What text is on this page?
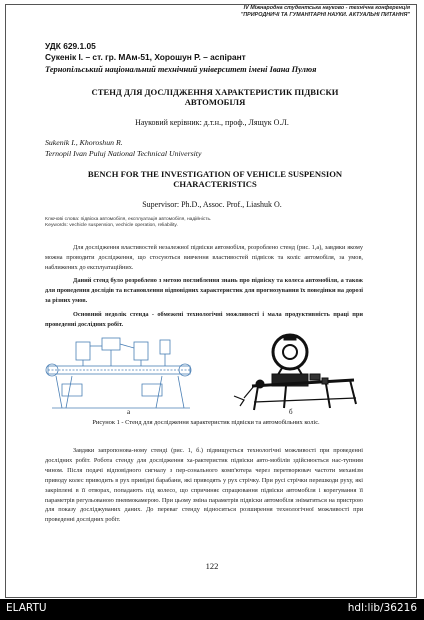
IV Міжнародна студентська науково - технічна конференція
"ПРИРОДНИЧІ ТА ГУМАНІТАРНІ НАУКИ. АКТУАЛЬНІ ПИТАННЯ"
УДК 629.1.05
Сукенік І. – ст. гр. МАм-51, Хорошун Р. – аспірант
Тернопільський національний технічний університет імені Івана Пулюя
СТЕНД ДЛЯ ДОСЛІДЖЕННЯ ХАРАКТЕРИСТИК ПІДВІСКИ
АВТОМОБІЛЯ
Науковий керівник: д.т.н., проф., Лящук О.Л.
Sukenik I., Khoroshun R.
Ternopil Ivan Puluj National Technical University
BENCH FOR THE INVESTIGATION OF VEHICLE SUSPENSION
CHARACTERISTICS
Supervisor: Ph.D., Assoc. Prof., Liashuk O.
Ключові слова: підвіска автомобіля, експлуатація автомобіля, надійність.
Keywords: vechicle suspension, vechicle operation, reliability.
Для дослідження властивостей незалежної підвіски автомобіля, розроблено стенд (рис. 1,а), завдяки якому можна проводити дослідження, що стосуються вивчення властивостей підвісок та коліс автомобіля, за умов, наближених до експлуатаційних.
Даний стенд було розроблено з метою поглиблення знань про підвіску та колеса автомобіля, а також для проведення дослідів та встановлення відповідних характеристик для прогнозування їх поведінки на дорозі за різних умов.
Основний недолік стенда - обмежені технологічні можливості і мала продуктивність праці при проведенні дослідних робіт.
а	б
Рисунок 1 - Стенд для дослідження характеристик підвіски та автомобільних коліс.
Завдяки запропонова-ному стенді (рис. 1, б.) підвищується технологічні можливості при проведенні дослідних робіт. Робота стенду для дослідження ха-рактеристик підвіски авто-мобілів здійснюється нас-тупним чином. Після подачі відповідного сигналу з пер-сонального комп'ютера через перетворювач частоти механізм приводу колес приводить в рух привідні барабани, які приводять у рух стрічку. При русі стрічки перешкоди руху, які закріплені в її отворах, попадають під колесо, що спричиняє спрацювання підвіски автомобіля і корегування її параметрів регульованою пневмокамерою. При цьому зміна параметрів підвіски автомобіля зніматиться на пристрою для показу досліджуваних даних. До переваг стенду відноситься розширення технологічної можливості при проведенні дослідних робіт.
122
ELARTU	hdl:lib/36216
